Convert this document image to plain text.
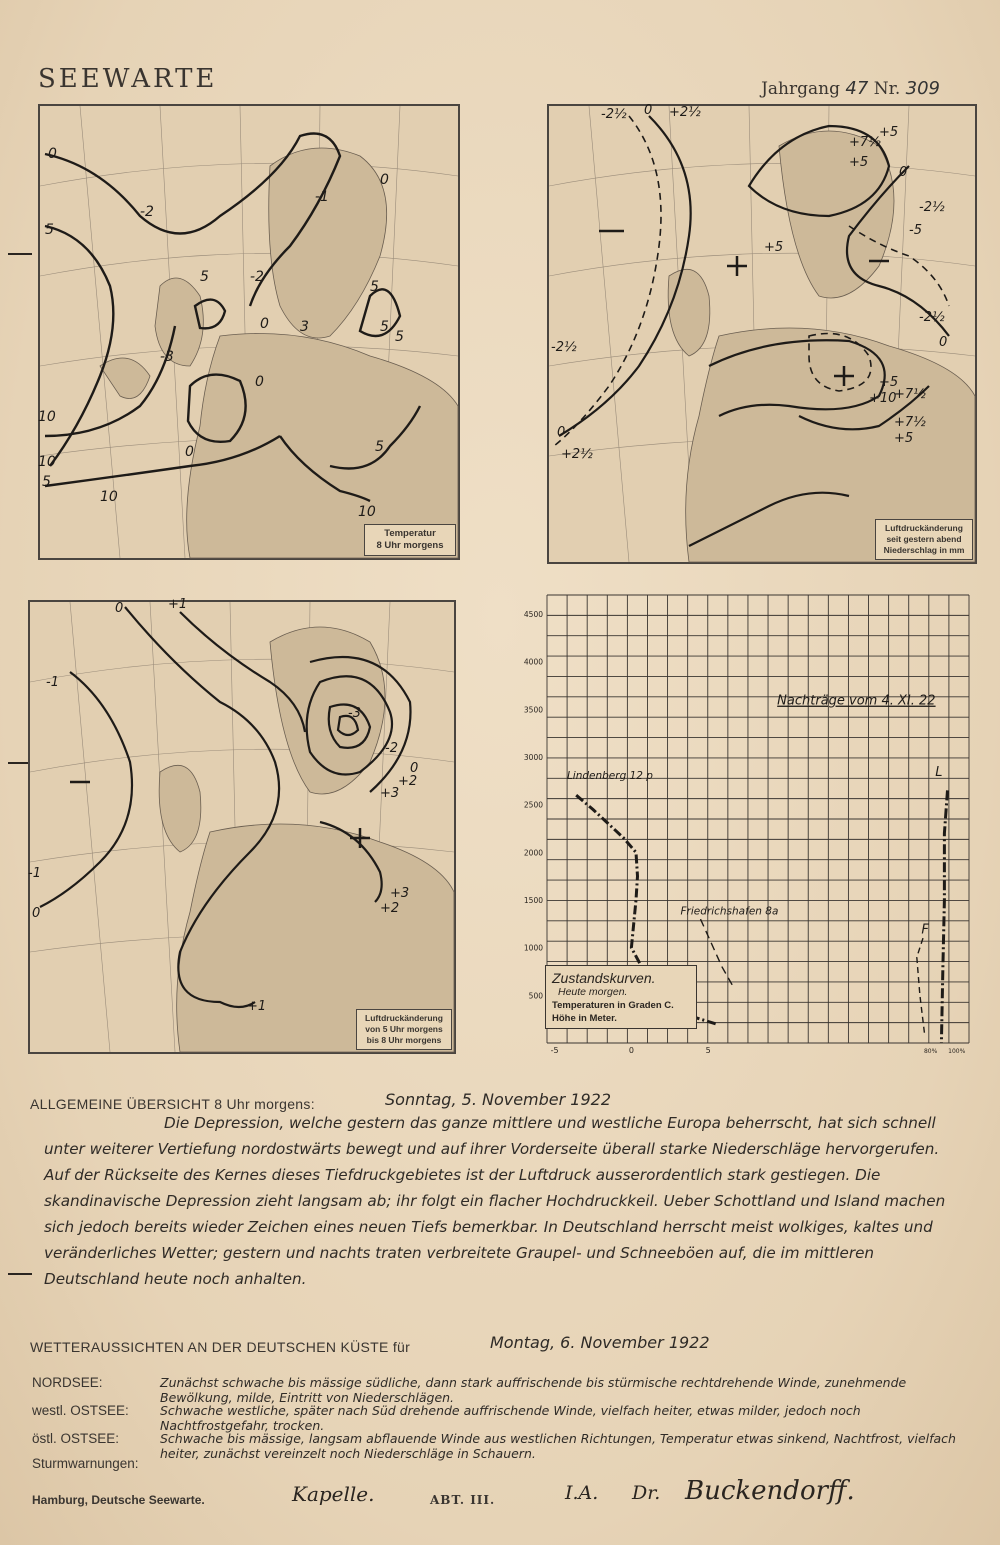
SEEWARTE	Jahrgang 47 Nr. 309
0
0
-2
-2
-1
5
5
5
5
0
10
10
5
10
10
5
0
-3
3
0	5
Temperatur
8 Uhr morgens
-2½ 0 +2½
+5
+7½
+5
-2½
-5
0
+5
+5
-2½
0
+7½
+10
+7½
+5
-2½
0
+2½
Luftdruckänderung
seit gestern abend
Niederschlag in mm
0	+1
-1
0
-3
-2
+2
+3
+3
+2
+1
-1
0
Luftdruckänderung
von 5 Uhr morgens
bis 8 Uhr morgens
4500
4000
3500
3000
2500
2000
1500
1000
500
-5	0	5	80% 100%
Nachträge vom 4. XI. 22
Lindenberg 12 p
Friedrichshafen 8a
L
F
Zustandskurven.
Heute morgen.
Temperaturen in Graden C.
Höhe in Meter.
ALLGEMEINE ÜBERSICHT 8 Uhr morgens:	Sonntag, 5. November 1922
Die Depression, welche gestern das ganze mittlere und westliche Europa beherrscht, hat sich schnell unter weiterer Vertiefung nordostwärts bewegt und auf ihrer Vorderseite überall starke Niederschläge hervorgerufen. Auf der Rückseite des Kernes dieses Tiefdruckgebietes ist der Luftdruck ausserordentlich stark gestiegen. Die skandinavische Depression zieht langsam ab; ihr folgt ein flacher Hochdruckkeil. Ueber Schottland und Island machen sich jedoch bereits wieder Zeichen eines neuen Tiefs bemerkbar. In Deutschland herrscht meist wolkiges, kaltes und veränderliches Wetter; gestern und nachts traten verbreitete Graupel- und Schneeböen auf, die im mittleren Deutschland heute noch anhalten.
WETTERAUSSICHTEN AN DER DEUTSCHEN KÜSTE für	Montag, 6. November 1922
NORDSEE:	Zunächst schwache bis mässige südliche, dann stark auffrischende bis stürmische rechtdrehende Winde, zunehmende Bewölkung, milde, Eintritt von Niederschlägen.
westl. OSTSEE: Schwache westliche, später nach Süd drehende auffrischende Winde, vielfach heiter, etwas milder, jedoch noch Nachtfrostgefahr, trocken.
östl. OSTSEE:	Schwache bis mässige, langsam abflauende Winde aus westlichen Richtungen, Temperatur etwas sinkend, Nachtfrost, vielfach heiter, zunächst vereinzelt noch Niederschläge in Schauern.
Sturmwarnungen:
Hamburg, Deutsche Seewarte.	Kapelle.	ABT. III.	I.A. Dr. Buckendorff.
